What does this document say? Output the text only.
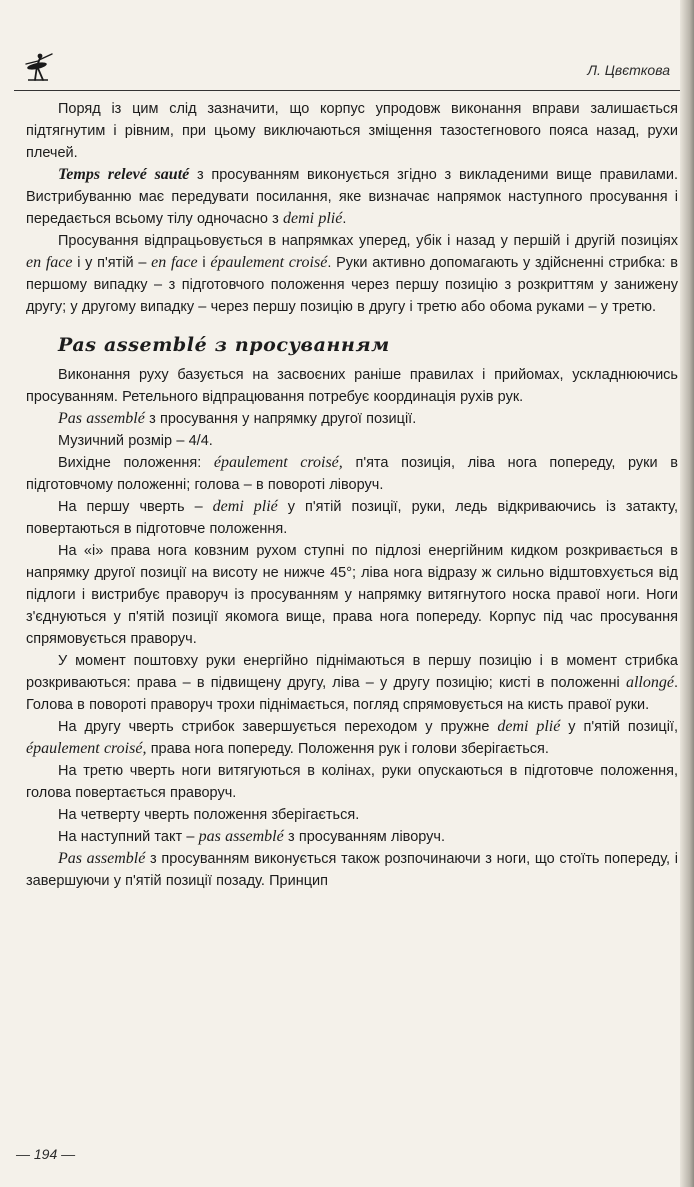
Л. Цвєткова

Поряд із цим слід зазначити, що корпус упродовж виконання вправи залишається підтягнутим і рівним, при цьому виключаються зміщення тазостегнового пояса назад, рухи плечей.

Temps relevé sauté з просуванням виконується згідно з викладеними вище правилами. Вистрибуванню має передувати посилання, яке визначає напрямок наступного просування і передається всьому тілу одночасно з demi plié.

Просування відпрацьовується в напрямках уперед, убік і назад у першій і другій позиціях en face і у п'ятій – en face і épaulement croisé. Руки активно допомагають у здійсненні стрибка: в першому випадку – з підготовчого положення через першу позицію з розкриттям у занижену другу; у другому випадку – через першу позицію в другу і третю або обома руками – у третю.

Pas assemblé з просуванням

Виконання руху базується на засвоєних раніше правилах і прийомах, ускладнюючись просуванням. Ретельного відпрацювання потребує координація рухів рук.

Pas assemblé з просування у напрямку другої позиції.

Музичний розмір – 4/4.

Вихідне положення: épaulement croisé, п'ята позиція, ліва нога попереду, руки в підготовчому положенні; голова – в повороті ліворуч.

На першу чверть – demi plié у п'ятій позиції, руки, ледь відкриваючись із затакту, повертаються в підготовче положення.

На «і» права нога ковзним рухом ступні по підлозі енергійним кидком розкривається в напрямку другої позиції на висоту не нижче 45°; ліва нога відразу ж сильно відштовхується від підлоги і вистрибує праворуч із просуванням у напрямку витягнутого носка правої ноги. Ноги з'єднуються у п'ятій позиції якомога вище, права нога попереду. Корпус під час просування спрямовується праворуч.

У момент поштовху руки енергійно піднімаються в першу позицію і в момент стрибка розкриваються: права – в підвищену другу, ліва – у другу позицію; кисті в положенні allongé. Голова в повороті праворуч трохи піднімається, погляд спрямовується на кисть правої руки.

На другу чверть стрибок завершується переходом у пружне demi plié у п'ятій позиції, épaulement croisé, права нога попереду. Положення рук і голови зберігається.

На третю чверть ноги витягуються в колінах, руки опускаються в підготовче положення, голова повертається праворуч.

На четверту чверть положення зберігається.

На наступний такт – pas assemblé з просуванням ліворуч.

Pas assemblé з просуванням виконується також розпочинаючи з ноги, що стоїть попереду, і завершуючи у п'ятій позиції позаду. Принцип

— 194 —
